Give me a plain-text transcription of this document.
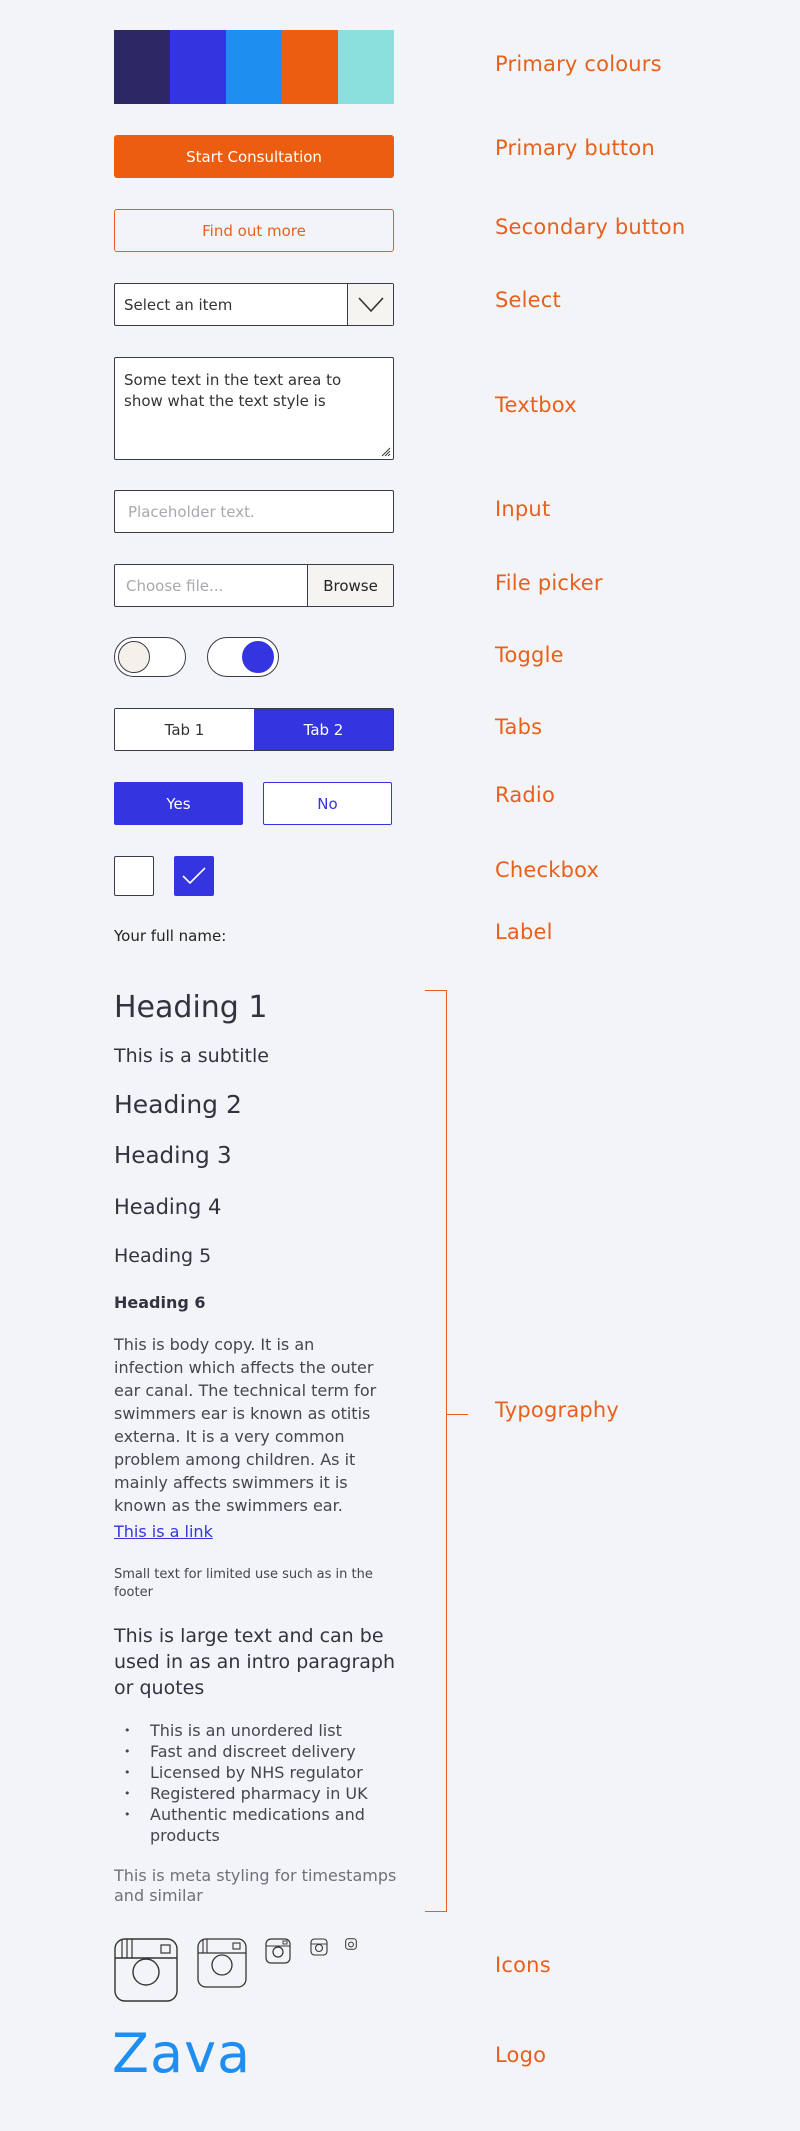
Primary colours
Start Consultation	Primary button
Find out more	Secondary button
Select an item	Select
Some text in the text area to show what the text style is	Textbox
Placeholder text.	Input
Choose file...	Browse	File picker
Toggle
Tab 1	Tab 2	Tabs
Yes	No	Radio
Checkbox
Your full name:	Label
Heading 1
This is a subtitle
Heading 2
Heading 3
Heading 4
Heading 5
Heading 6
This is body copy. It is an infection which affects the outer ear canal. The technical term for swimmers ear is known as otitis externa. It is a very common problem among children. As it mainly affects swimmers it is known as the swimmers ear.
This is a link
Small text for limited use such as in the footer
This is large text and can be used in as an intro paragraph or quotes
• This is an unordered list
• Fast and discreet delivery
• Licensed by NHS regulator
• Registered pharmacy in UK
• Authentic medications and products
This is meta styling for timestamps and similar
Typography
Icons
Zava	Logo
